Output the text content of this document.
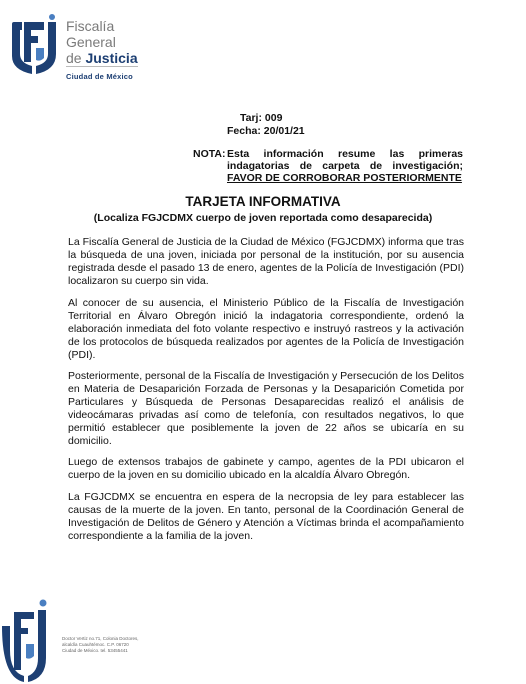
Fiscalía
General
de Justicia
Ciudad de México
Tarj: 009
Fecha: 20/01/21
NOTA: Esta información resume las primeras indagatorias de carpeta de investigación; FAVOR DE CORROBORAR POSTERIORMENTE
TARJETA INFORMATIVA
(Localiza FGJCDMX cuerpo de joven reportada como desaparecida)

La Fiscalía General de Justicia de la Ciudad de México (FGJCDMX) informa que tras la búsqueda de una joven, iniciada por personal de la institución, por su ausencia registrada desde el pasado 13 de enero, agentes de la Policía de Investigación (PDI) localizaron su cuerpo sin vida.

Al conocer de su ausencia, el Ministerio Público de la Fiscalía de Investigación Territorial en Álvaro Obregón inició la indagatoria correspondiente, ordenó la elaboración inmediata del foto volante respectivo e instruyó rastreos y la activación de los protocolos de búsqueda realizados por agentes de la Policía de Investigación (PDI).

Posteriormente, personal de la Fiscalía de Investigación y Persecución de los Delitos en Materia de Desaparición Forzada de Personas y la Desaparición Cometida por Particulares y Búsqueda de Personas Desaparecidas realizó el análisis de videocámaras privadas así como de telefonía, con resultados negativos, lo que permitió establecer que posiblemente la joven de 22 años se ubicaría en su domicilio.

Luego de extensos trabajos de gabinete y campo, agentes de la PDI ubicaron el cuerpo de la joven en su domicilio ubicado en la alcaldía Álvaro Obregón.

La FGJCDMX se encuentra en espera de la necropsia de ley para establecer las causas de la muerte de la joven. En tanto, personal de la Coordinación General de Investigación de Delitos de Género y Atención a Víctimas brinda el acompañamiento correspondiente a la familia de la joven.

Doctor Vertiz no.71, Colonia Doctores,
alcaldía Cuauhtémoc. C.P. 06720
Ciudad de México. tel. 53455441
